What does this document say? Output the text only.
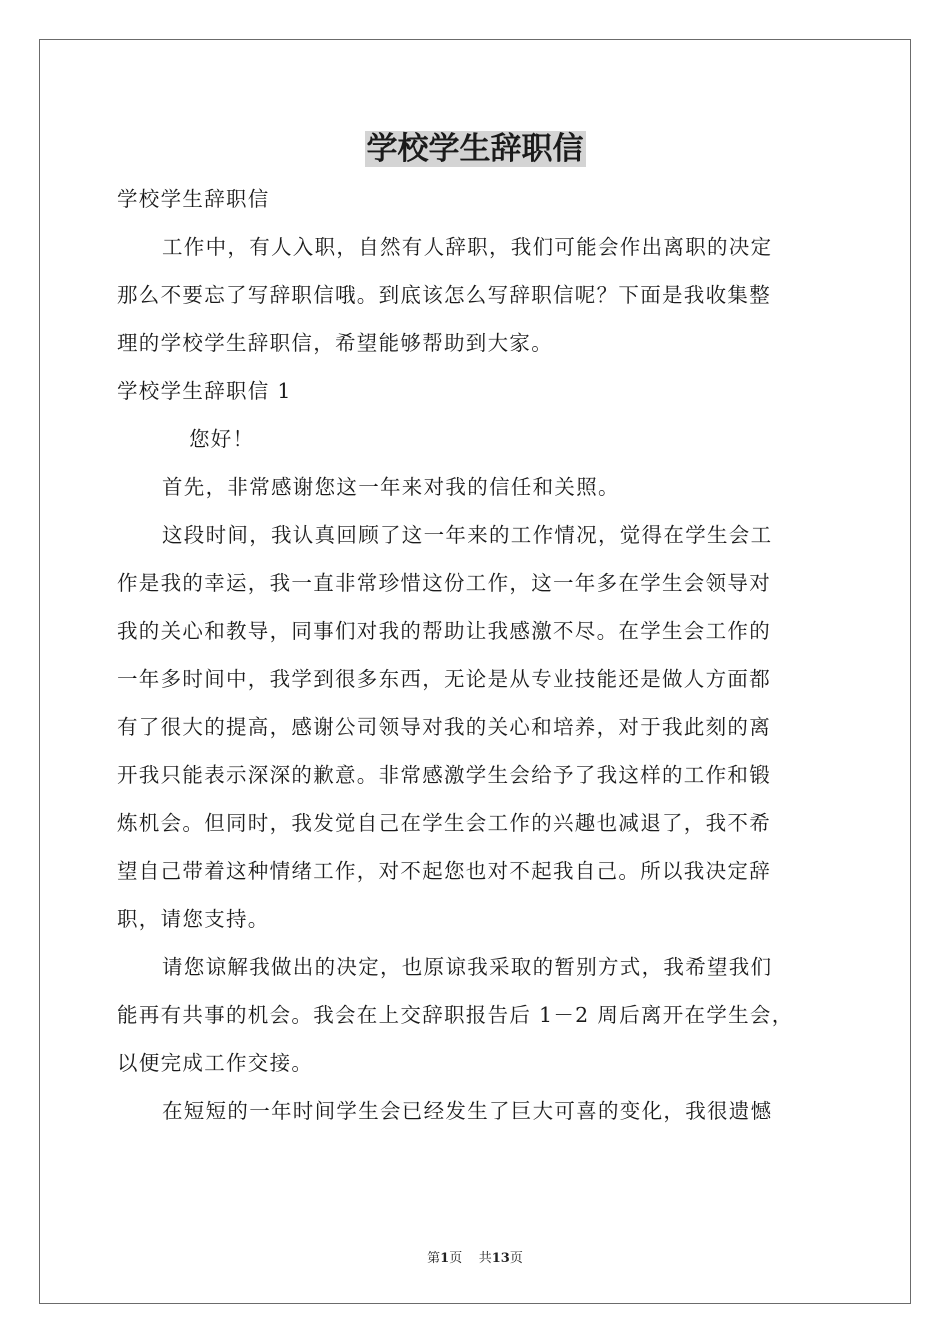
学校学生辞职信

学校学生辞职信

工作中，有人入职，自然有人辞职，我们可能会作出离职的决定

那么不要忘了写辞职信哦。到底该怎么写辞职信呢？下面是我收集整

理的学校学生辞职信，希望能够帮助到大家。

学校学生辞职信 1

您好！

首先，非常感谢您这一年来对我的信任和关照。

这段时间，我认真回顾了这一年来的工作情况，觉得在学生会工

作是我的幸运，我一直非常珍惜这份工作，这一年多在学生会领导对

我的关心和教导，同事们对我的帮助让我感激不尽。在学生会工作的

一年多时间中，我学到很多东西，无论是从专业技能还是做人方面都

有了很大的提高，感谢公司领导对我的关心和培养，对于我此刻的离

开我只能表示深深的歉意。非常感激学生会给予了我这样的工作和锻

炼机会。但同时，我发觉自己在学生会工作的兴趣也减退了，我不希

望自己带着这种情绪工作，对不起您也对不起我自己。所以我决定辞

职，请您支持。

请您谅解我做出的决定，也原谅我采取的暂别方式，我希望我们

能再有共事的机会。我会在上交辞职报告后 1－2 周后离开在学生会，

以便完成工作交接。

在短短的一年时间学生会已经发生了巨大可喜的变化，我很遗憾

第1页 共13页
